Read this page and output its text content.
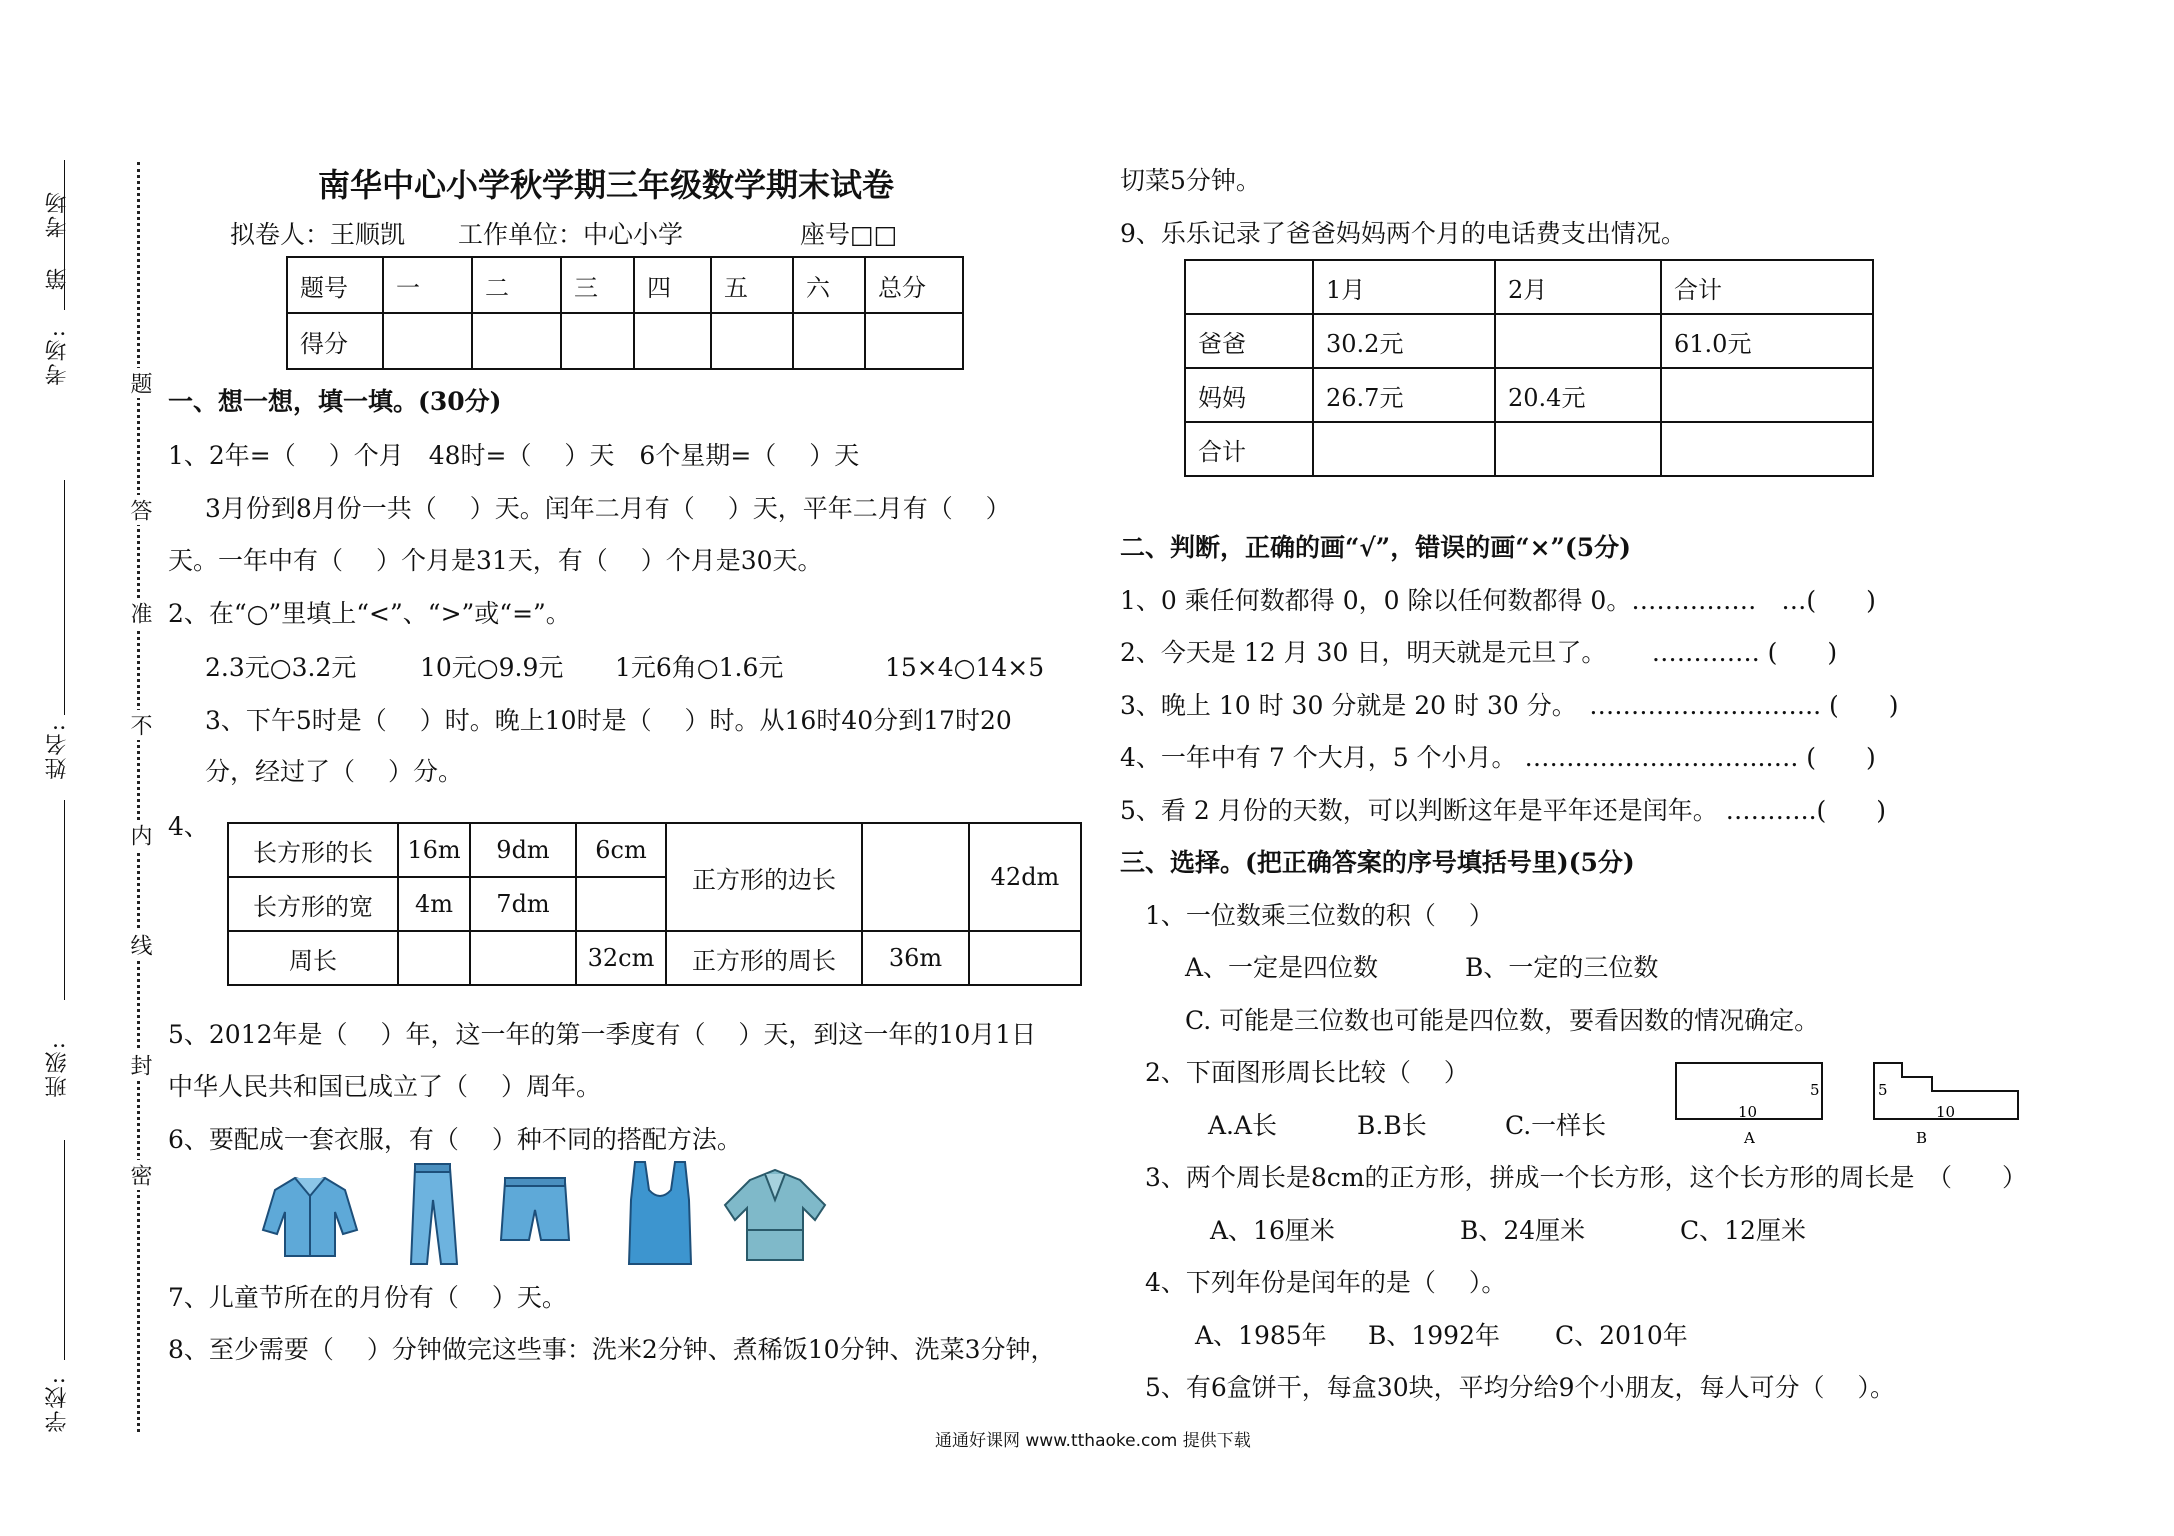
考场
第
考场:
姓名:
班级:
学校:
题
答
准
不
内
线
封
密
南华中心小学秋学期三年级数学期末试卷
拟卷人：王顺凯 工作单位：中心小学	座号□□
题号	一	二	三	四	五	六	总分
得分							
一、想一想，填一填。(30分)
1、2年=（　 ）个月　48时=（　 ）天　6个星期=（　 ）天
3月份到8月份一共（　 ）天。闰年二月有（　 ）天，平年二月有（　 ）
天。一年中有（　 ）个月是31天，有（　 ）个月是30天。
2、在“○”里填上“<”、“>”或“=”。
2.3元○3.2元	10元○9.9元 1元6角○1.6元	15×4○14×5
3、下午5时是（　 ）时。晚上10时是（　 ）时。从16时40分到17时20
分，经过了（　 ）分。
4、
长方形的长	16m	9dm	6cm	正方形的边长		42dm
长方形的宽	4m	7dm				
周长			32cm	正方形的周长	36m	
5、2012年是（　 ）年，这一年的第一季度有（　 ）天，到这一年的10月1日
中华人民共和国已成立了（　 ）周年。
6、要配成一套衣服，有（　 ）种不同的搭配方法。
7、儿童节所在的月份有（　 ）天。
8、至少需要（　 ）分钟做完这些事：洗米2分钟、煮稀饭10分钟、洗菜3分钟，
切菜5分钟。
9、乐乐记录了爸爸妈妈两个月的电话费支出情况。
	1月	2月	合计
爸爸	30.2元		61.0元
妈妈	26.7元	20.4元	
合计			
二、判断，正确的画“√”，错误的画“×”(5分)
1、0 乘任何数都得 0，0 除以任何数都得 0。……………　…(　　)
2、今天是 12 月 30 日，明天就是元旦了。　　 …………. (　　)
3、晚上 10 时 30 分就是 20 时 30 分。　……………..……….. (　　)
4、一年中有 7 个大月，5 个小月。 ………………………..…. (　　)
5、看 2 月份的天数，可以判断这年是平年还是闰年。 ………..(　　)
三、选择。(把正确答案的序号填括号里)(5分)
1、一位数乘三位数的积（　 ）
A、一定是四位数	B、一定的三位数
C. 可能是三位数也可能是四位数，要看因数的情况确定。
2、下面图形周长比较（　 ）
A.A长	B.B长	C.一样长	10
5
A
5
10
B
3、两个周长是8cm的正方形，拼成一个长方形，这个长方形的周长是　（　　）
A、16厘米	B、24厘米	C、12厘米
4、下列年份是闰年的是（　 ）。
A、1985年 B、1992年 C、2010年
5、有6盒饼干，每盒30块，平均分给9个小朋友，每人可分（　 ）。
通通好课网 www.tthaoke.com 提供下载
